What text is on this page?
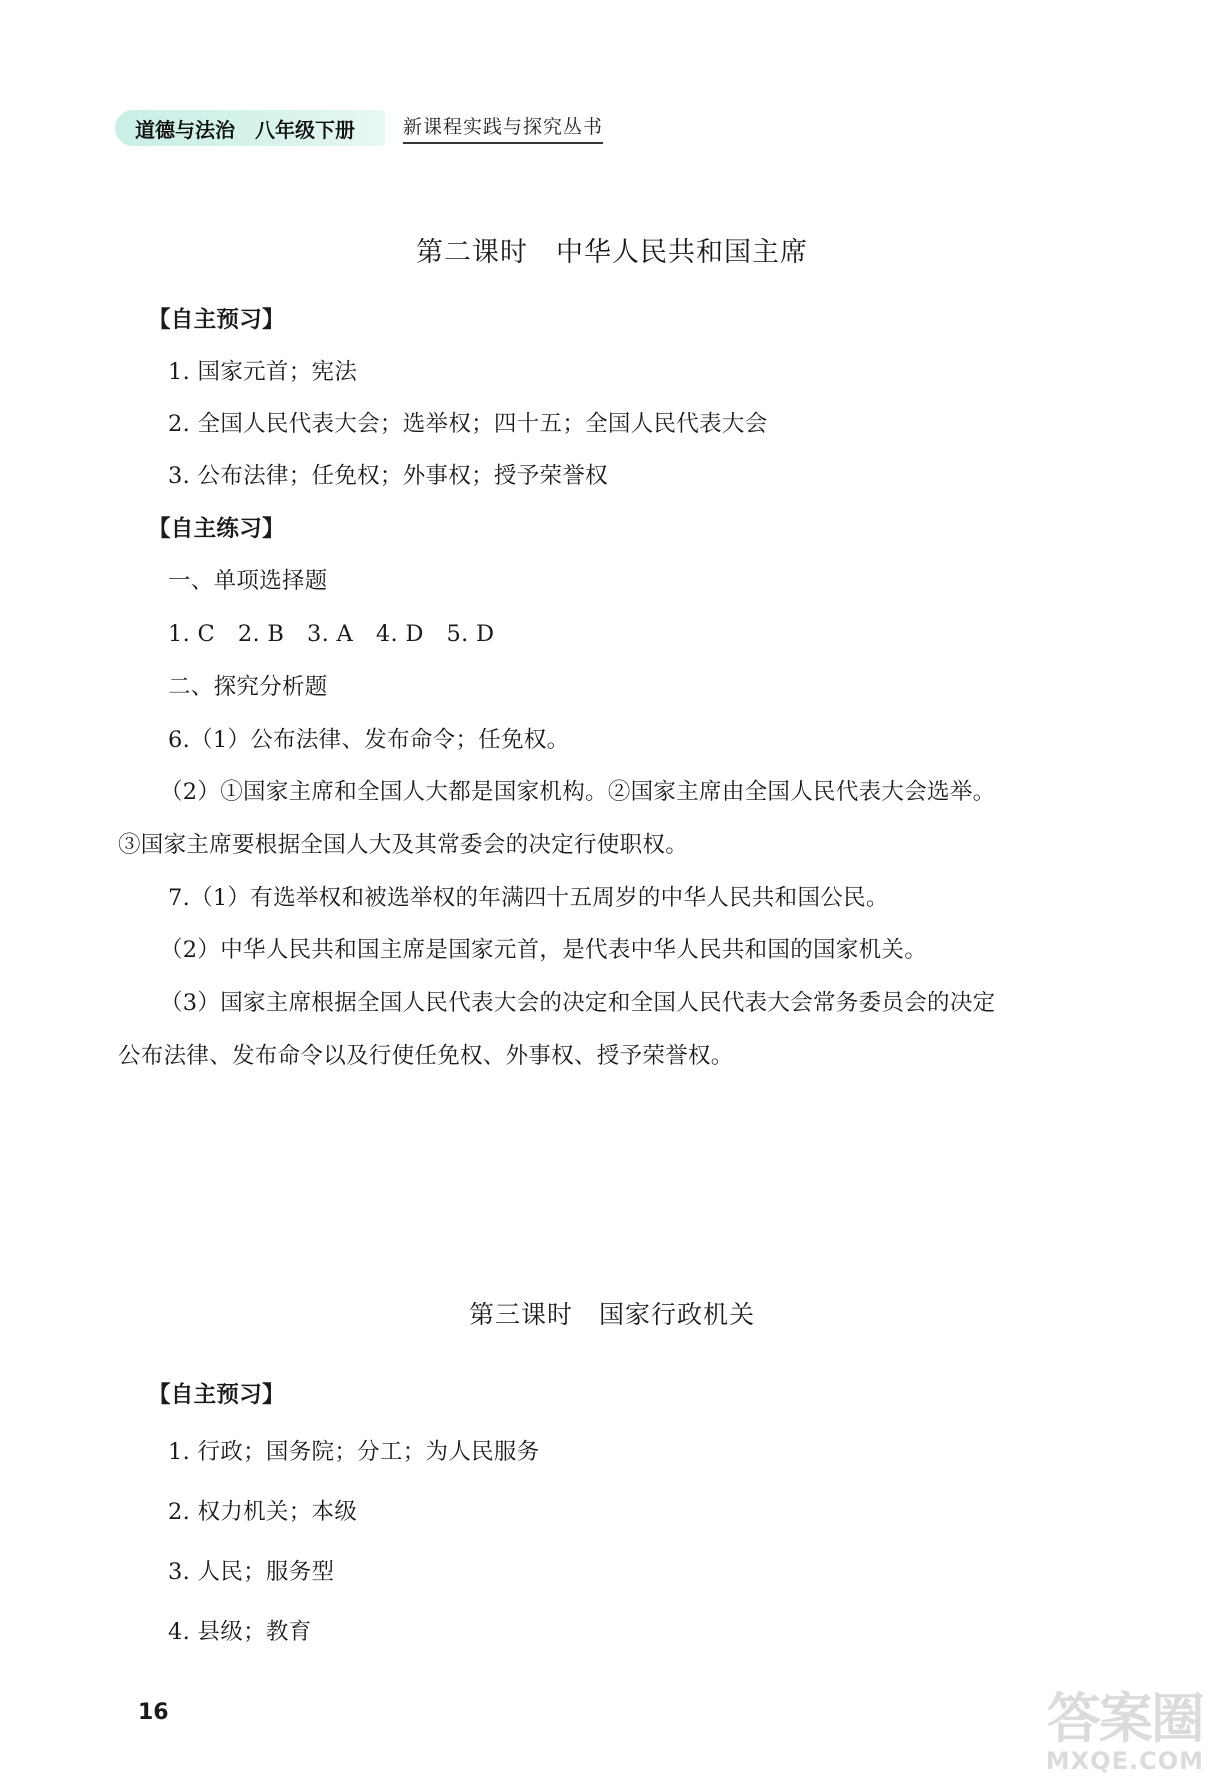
道德与法治 八年级下册	新课程实践与探究丛书
第二课时　中华人民共和国主席
【自主预习】
1. 国家元首；宪法
2. 全国人民代表大会；选举权；四十五；全国人民代表大会
3. 公布法律；任免权；外事权；授予荣誉权
【自主练习】
一、单项选择题
1. C　2. B　3. A　4. D　5. D
二、探究分析题
6.（1）公布法律、发布命令；任免权。
（2）①国家主席和全国人大都是国家机构。②国家主席由全国人民代表大会选举。
③国家主席要根据全国人大及其常委会的决定行使职权。
7.（1）有选举权和被选举权的年满四十五周岁的中华人民共和国公民。
（2）中华人民共和国主席是国家元首，是代表中华人民共和国的国家机关。
（3）国家主席根据全国人民代表大会的决定和全国人民代表大会常务委员会的决定
公布法律、发布命令以及行使任免权、外事权、授予荣誉权。
第三课时　国家行政机关
【自主预习】
1. 行政；国务院；分工；为人民服务
2. 权力机关；本级
3. 人民；服务型
4. 县级；教育
16	答案圈
MXQE.COM
